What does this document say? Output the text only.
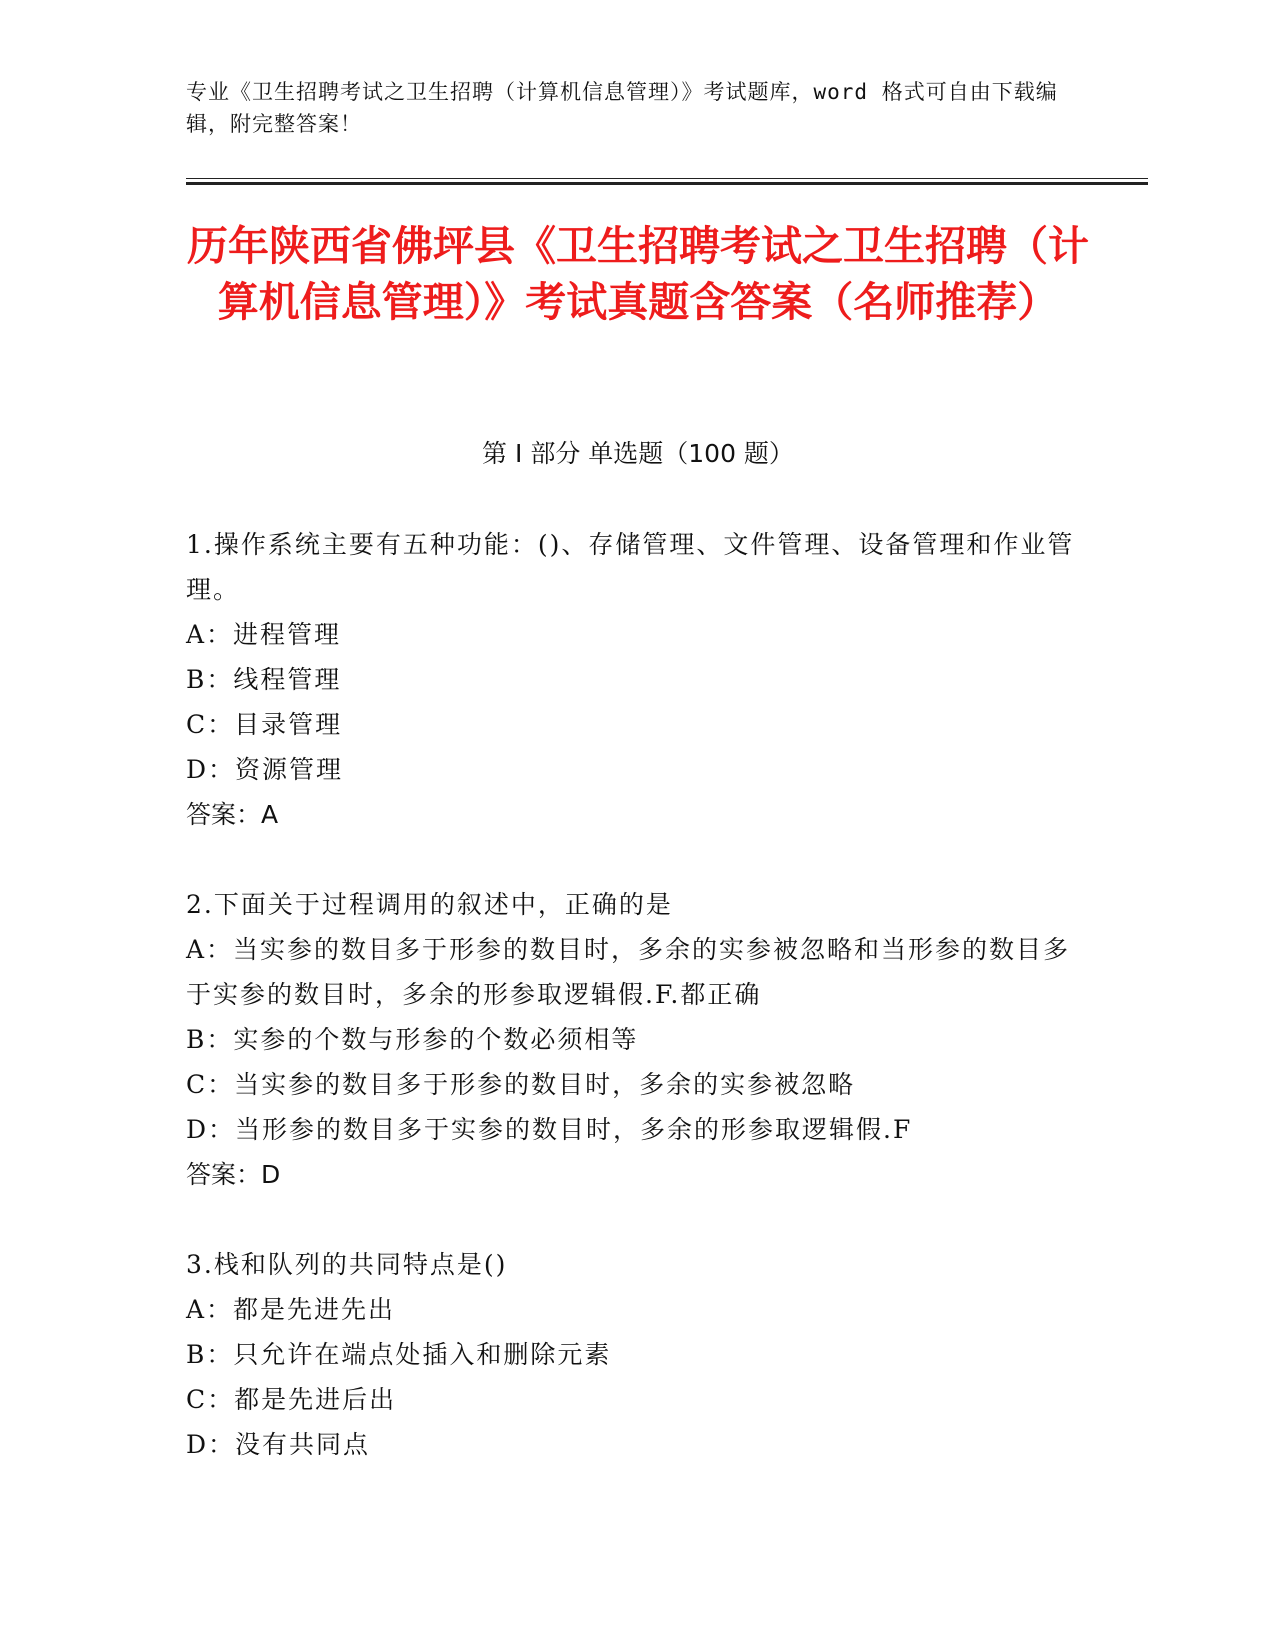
专业《卫生招聘考试之卫生招聘（计算机信息管理）》考试题库，word 格式可自由下载编辑，附完整答案！
历年陕西省佛坪县《卫生招聘考试之卫生招聘（计算机信息管理）》考试真题含答案（名师推荐）
第 I 部分 单选题（100 题）
1.操作系统主要有五种功能：()、存储管理、文件管理、设备管理和作业管理。
A：进程管理
B：线程管理
C：目录管理
D：资源管理
答案：A
2.下面关于过程调用的叙述中，正确的是
A：当实参的数目多于形参的数目时，多余的实参被忽略和当形参的数目多于实参的数目时，多余的形参取逻辑假.F.都正确
B：实参的个数与形参的个数必须相等
C：当实参的数目多于形参的数目时，多余的实参被忽略
D：当形参的数目多于实参的数目时，多余的形参取逻辑假.F
答案：D
3.栈和队列的共同特点是()
A：都是先进先出
B：只允许在端点处插入和删除元素
C：都是先进后出
D：没有共同点
